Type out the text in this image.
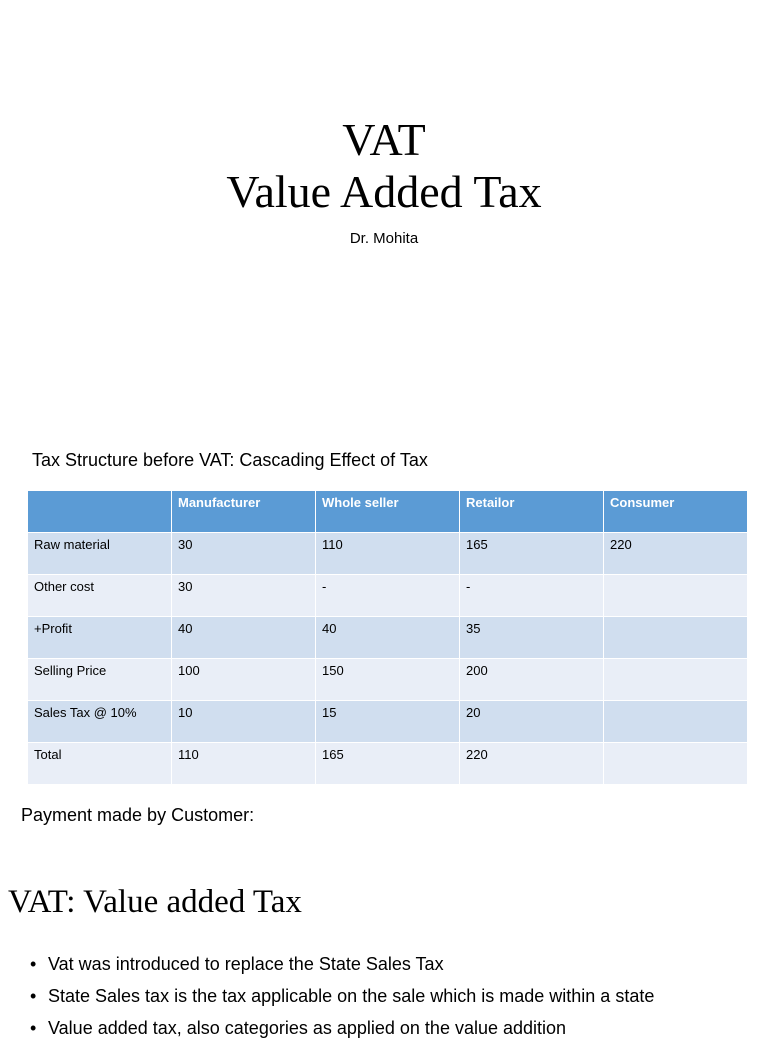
VAT
Value Added Tax
Dr. Mohita
Tax Structure before VAT: Cascading Effect of Tax
	Manufacturer	Whole seller	Retailor	Consumer
Raw material	30	110	165	220
Other cost	30	-	-	
+Profit	40	40	35	
Selling Price	100	150	200	
Sales Tax @ 10%	10	15	20	
Total	110	165	220	
Payment made by Customer:
VAT: Value added Tax
• Vat was introduced to replace the State Sales Tax
• State Sales tax is the tax applicable on the sale which is made within a state
• Value added tax, also categories as applied on the value addition
